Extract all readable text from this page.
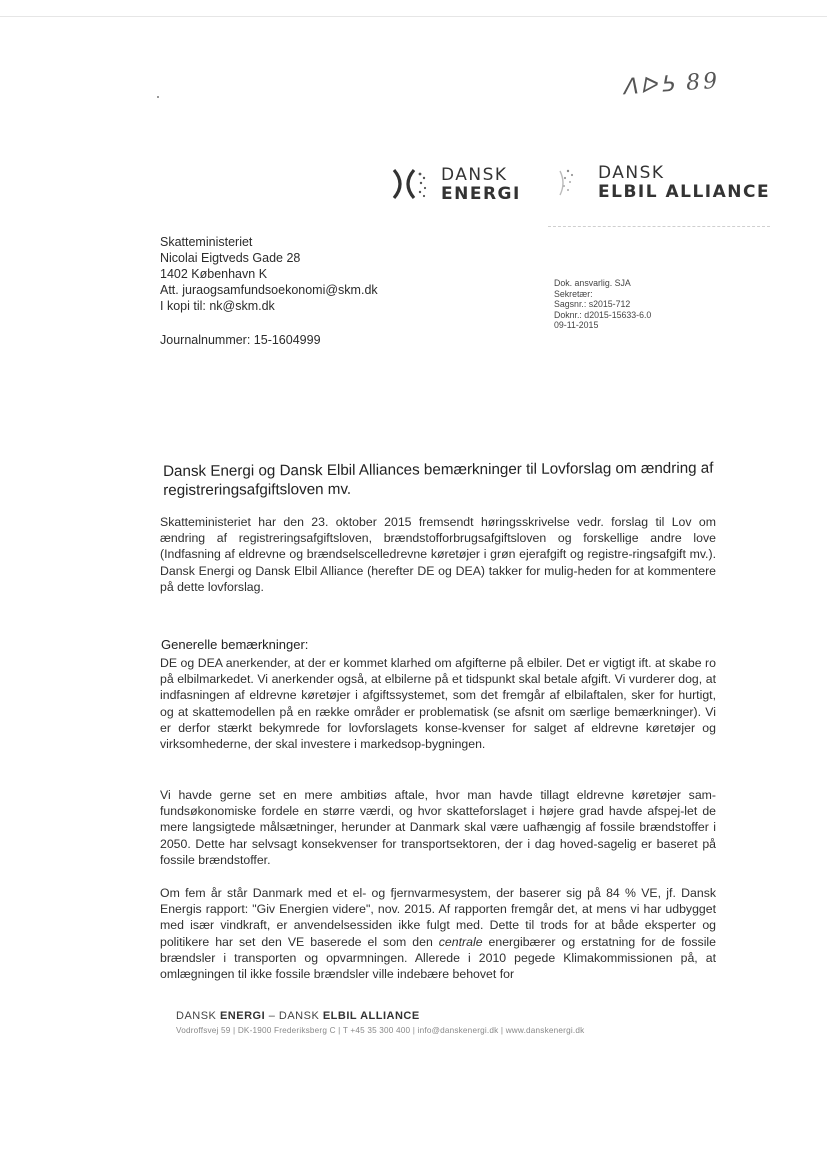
ᐱᐅᕊ 89
DANSK
ENERGI
DANSK
ELBIL ALLIANCE
Skatteministeriet
Nicolai Eigtveds Gade 28
1402 København K
Att. juraogsamfundsoekonomi@skm.dk
I kopi til: nk@skm.dk
Journalnummer: 15-1604999
Dok. ansvarlig. SJA
Sekretær:
Sagsnr.: s2015-712
Doknr.: d2015-15633-6.0
09-11-2015
Dansk Energi og Dansk Elbil Alliances bemærkninger til Lovforslag om ændring af registreringsafgiftsloven mv.
Skatteministeriet har den 23. oktober 2015 fremsendt høringsskrivelse vedr. forslag til Lov om ændring af registreringsafgiftsloven, brændstofforbrugsafgiftsloven og forskellige andre love (Indfasning af eldrevne og brændselscelledrevne køretøjer i grøn ejerafgift og registre-ringsafgift mv.). Dansk Energi og Dansk Elbil Alliance (herefter DE og DEA) takker for mulig-heden for at kommentere på dette lovforslag.
Generelle bemærkninger:
DE og DEA anerkender, at der er kommet klarhed om afgifterne på elbiler. Det er vigtigt ift. at skabe ro på elbilmarkedet. Vi anerkender også, at elbilerne på et tidspunkt skal betale afgift. Vi vurderer dog, at indfasningen af eldrevne køretøjer i afgiftssystemet, som det fremgår af elbilaftalen, sker for hurtigt, og at skattemodellen på en række områder er problematisk (se afsnit om særlige bemærkninger). Vi er derfor stærkt bekymrede for lovforslagets konse-kvenser for salget af eldrevne køretøjer og virksomhederne, der skal investere i markedsop-bygningen.
Vi havde gerne set en mere ambitiøs aftale, hvor man havde tillagt eldrevne køretøjer sam-fundsøkonomiske fordele en større værdi, og hvor skatteforslaget i højere grad havde afspej-let de mere langsigtede målsætninger, herunder at Danmark skal være uafhængig af fossile brændstoffer i 2050. Dette har selvsagt konsekvenser for transportsektoren, der i dag hoved-sagelig er baseret på fossile brændstoffer.
Om fem år står Danmark med et el- og fjernvarmesystem, der baserer sig på 84 % VE, jf. Dansk Energis rapport: "Giv Energien videre", nov. 2015. Af rapporten fremgår det, at mens vi har udbygget med især vindkraft, er anvendelsessiden ikke fulgt med. Dette til trods for at både eksperter og politikere har set den VE baserede el som den centrale energibærer og erstatning for de fossile brændsler i transporten og opvarmningen. Allerede i 2010 pegede Klimakommissionen på, at omlægningen til ikke fossile brændsler ville indebære behovet for
DANSK ENERGI – DANSK ELBIL ALLIANCE
Vodroffsvej 59 | DK-1900 Frederiksberg C | T +45 35 300 400 | info@danskenergi.dk | www.danskenergi.dk
